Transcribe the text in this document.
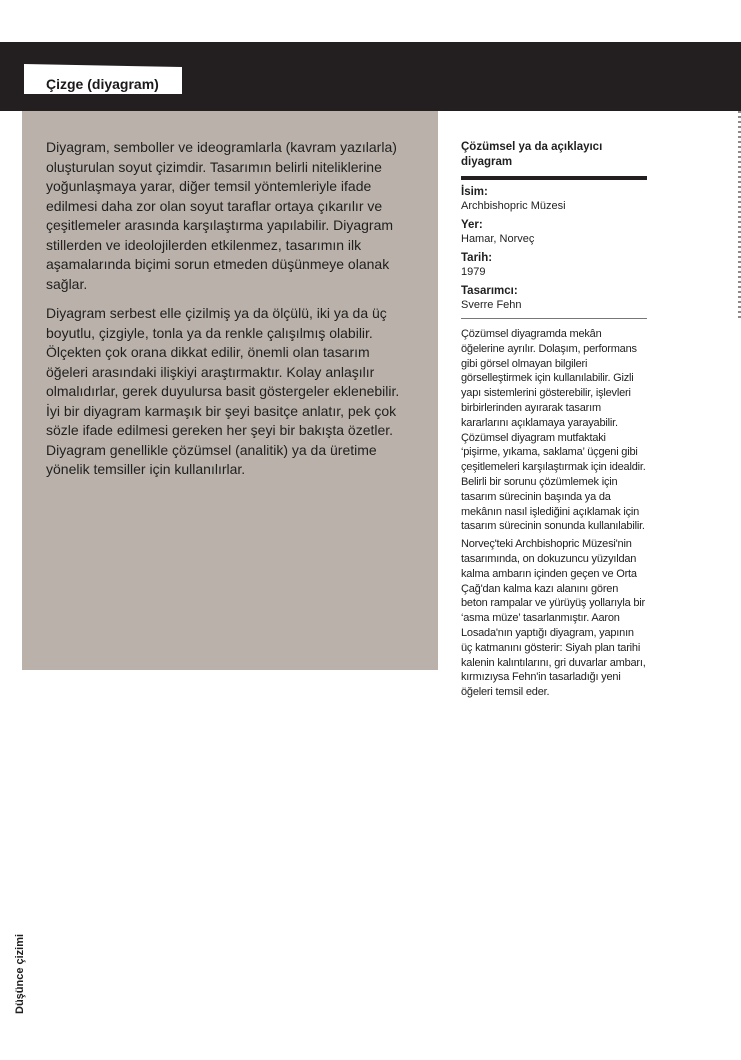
Çizge (diyagram)

Diyagram, semboller ve ideogramlarla (kavram yazılarla) oluşturulan soyut çizimdir. Tasarımın belirli niteliklerine yoğunlaşmaya yarar, diğer temsil yöntemleriyle ifade edilmesi daha zor olan soyut taraflar ortaya çıkarılır ve çeşitlemeler arasında karşılaştırma yapılabilir. Diyagram stillerden ve ideolojilerden etkilenmez, tasarımın ilk aşamalarında biçimi sorun etmeden düşünmeye olanak sağlar.

Diyagram serbest elle çizilmiş ya da ölçülü, iki ya da üç boyutlu, çizgiyle, tonla ya da renkle çalışılmış olabilir. Ölçekten çok orana dikkat edilir, önemli olan tasarım öğeleri arasındaki ilişkiyi araştırmaktır. Kolay anlaşılır olmalıdırlar, gerek duyulursa basit göstergeler eklenebilir. İyi bir diyagram karmaşık bir şeyi basitçe anlatır, pek çok sözle ifade edilmesi gereken her şeyi bir bakışta özetler. Diyagram genellikle çözümsel (analitik) ya da üretime yönelik temsiller için kullanılırlar.

Çözümsel ya da açıklayıcı diyagram
İsim:
Archbishopric Müzesi
Yer:
Hamar, Norveç
Tarih:
1979
Tasarımcı:
Sverre Fehn

Çözümsel diyagramda mekân öğelerine ayrılır. Dolaşım, performans gibi görsel olmayan bilgileri görselleştirmek için kullanılabilir. Gizli yapı sistemlerini gösterebilir, işlevleri birbirlerinden ayırarak tasarım kararlarını açıklamaya yarayabilir. Çözümsel diyagram mutfaktaki ‘pişirme, yıkama, saklama’ üçgeni gibi çeşitlemeleri karşılaştırmak için idealdir. Belirli bir sorunu çözümlemek için tasarım sürecinin başında ya da mekânın nasıl işlediğini açıklamak için tasarım sürecinin sonunda kullanılabilir.

Norveç'teki Archbishopric Müzesi'nin tasarımında, on dokuzuncu yüzyıldan kalma ambarın içinden geçen ve Orta Çağ'dan kalma kazı alanını gören beton rampalar ve yürüyüş yollarıyla bir ‘asma müze’ tasarlanmıştır. Aaron Losada'nın yaptığı diyagram, yapının üç katmanını gösterir: Siyah plan tarihi kalenin kalıntılarını, gri duvarlar ambarı, kırmızıysa Fehn'in tasarladığı yeni öğeleri temsil eder.

Düşünce çizimi
